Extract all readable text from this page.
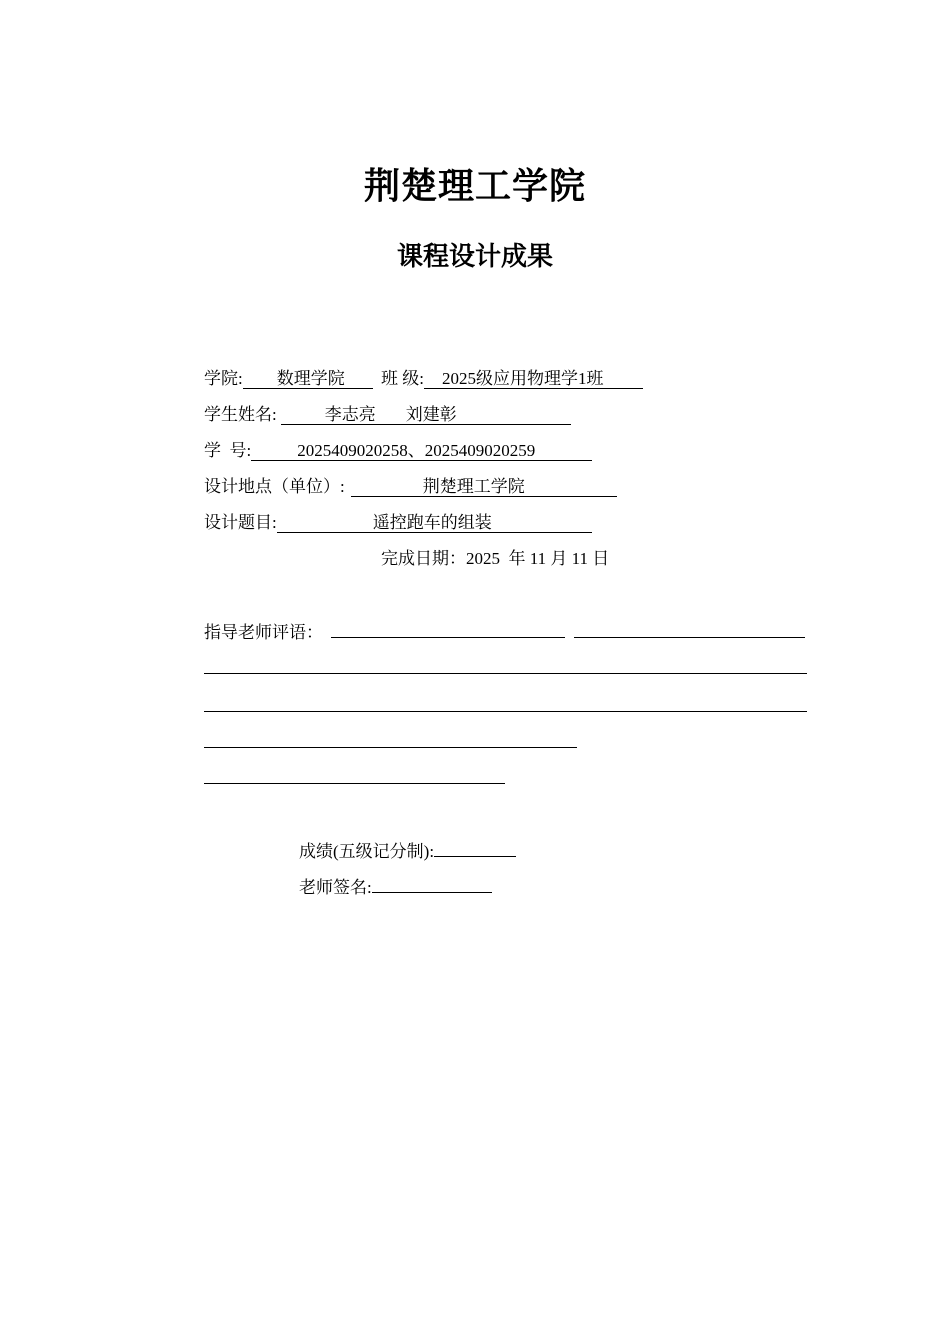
荆楚理工学院
课程设计成果
学院: 数理学院 班 级: 2025级应用物理学1班
学生姓名:	李志亮 刘建彰
学  号:	2025409020258、2025409020259
设计地点（单位）:	荆楚理工学院
设计题目:	遥控跑车的组装
完成日期：2025  年 11 月 11 日
指导老师评语：
成绩(五级记分制):
老师签名:
